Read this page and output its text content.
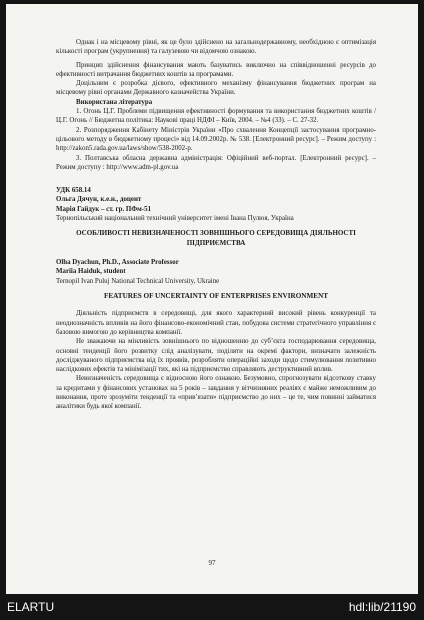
Однак і на місцевому рівні, як це було здійснено на загальнодержавному, необхідною є оптимізація кількості програм (укрупнення) та галузевою чи відомчою ознакою.

Принцип здійснення фінансування мають базуватись виключно на співвідношенні ресурсів до ефективності витрачання бюджетних коштів за програмами.

Доцільним є розробка дієвого, ефективного механізму фінансування бюджетних програм на місцевому рівні органами Державного казначейства України.

Використана література

1. Огонь Ц.Г. Проблеми підвищення ефективності формування та використання бюджетних коштів / Ц.Г. Огонь // Бюджетна політика: Наукові праці НДФІ – Київ, 2004. – №4 (33). – С. 27-32.

2. Розпорядження Кабінету Міністрів України «Про схвалення Концепції застосування програмно-цільового методу в бюджетному процесі» від 14.09.2002р. № 538. [Електронний ресурс]. – Режим доступу : http://zakon5.rada.gov.ua/laws/show/538-2002-р.

3. Полтавська обласна державна адміністрація: Офіційний веб-портал. [Електронний ресурс]. – Режим доступу : http://www.adm-pl.gov.ua

УДК 658.14

Ольга Дячун, к.е.н., доцент

Марія Гайдук – ст. гр. ПФм-51

Тернопільський національний технічний університет імені Івана Пулюя, Україна

ОСОБЛИВОСТІ НЕВИЗНАЧЕНОСТІ ЗОВНІШНЬОГО СЕРЕДОВИЩА ДІЯЛЬНОСТІ ПІДПРИЄМСТВА

Olha Dyachun, Ph.D., Associate Professor

Mariia Haiduk, student

Ternopil Ivan Puluj National Technical University, Ukraine

FEATURES OF UNCERTAINTY OF ENTERPRISES ENVIRONMENT

Діяльність підприємств в середовищі, для якого характерний високий рівень конкуренції та неоднозначність впливів на його фінансово-економічний стан, побудова системи стратегічного управління є базовою вимогою до керівництва компанії.

Не зважаючи на мінливість зовнішнього по відношенню до суб’єкта господарювання середовища, основні тенденції його розвитку слід аналізувати, поділяти на окремі фактори, визначати залежність досліджуваного підприємства від їх проявів, розробляти операційні заходи щодо стимулювання позитивно наслідкових ефектів та мінімізації тих, які на підприємство справляють деструктивний вплив.

Невизначеність середовища є відносною його ознакою. Безумовно, спрогнозувати відсоткову ставку за кредитами у фінансових установах на 5 років – завдання у вітчизняних реаліях є майже неможливим до виконання, проте зрозуміти тенденції та «прив’язати» підприємство до них – це те, чим повинні займатися аналітики будь якої компанії.

97
ELARTU	hdl:lib/21190
